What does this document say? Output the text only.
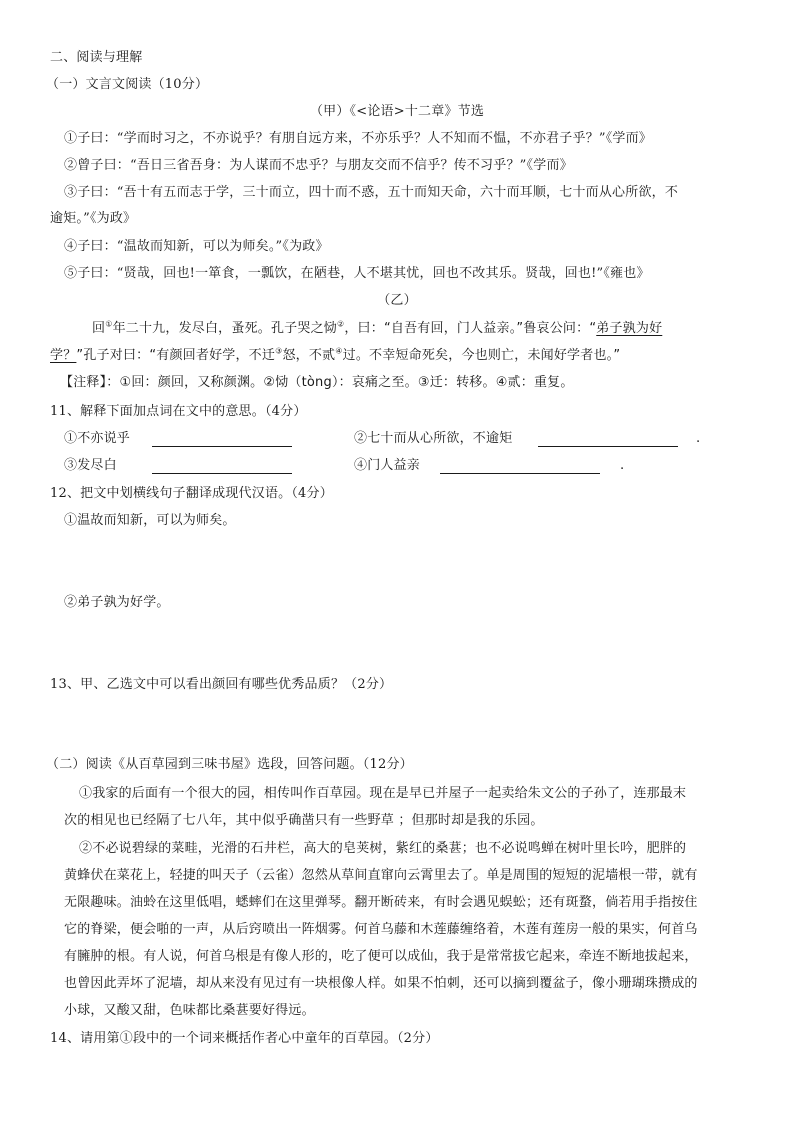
二、阅读与理解
（一）文言文阅读（10分）
（甲）《<论语>十二章》节选
①子曰：“学而时习之，不亦说乎？有朋自远方来，不亦乐乎？人不知而不愠，不亦君子乎？”《学而》
②曾子曰：“吾日三省吾身：为人谋而不忠乎？与朋友交而不信乎？传不习乎？”《学而》
③子曰：“吾十有五而志于学，三十而立，四十而不惑，五十而知天命，六十而耳顺，七十而从心所欲，不
逾矩。”《为政》
④子曰：“温故而知新，可以为师矣。”《为政》
⑤子曰：“贤哉，回也!一箪食，一瓢饮，在陋巷，人不堪其忧，回也不改其乐。贤哉，回也!”《雍也》
（乙）
回①年二十九，发尽白，蚤死。孔子哭之恸②，曰：“自吾有回，门人益亲。”鲁哀公问：“弟子孰为好
学？”孔子对曰：“有颜回者好学，不迁③怒，不贰④过。不幸短命死矣，今也则亡，未闻好学者也。”
【注释】：①回：颜回，又称颜渊。②恸（tòng）：哀痛之至。③迁：转移。④贰：重复。
11、解释下面加点词在文中的意思。（4分）
①不亦说乎	②七十而从心所欲，不逾矩	.
③发尽白	④门人益亲	.
12、把文中划横线句子翻译成现代汉语。（4分）
①温故而知新，可以为师矣。
②弟子孰为好学。
13、甲、乙选文中可以看出颜回有哪些优秀品质？（2分）
（二）阅读《从百草园到三味书屋》选段，回答问题。（12分）
①我家的后面有一个很大的园，相传叫作百草园。现在是早已并屋子一起卖给朱文公的子孙了，连那最末
次的相见也已经隔了七八年，其中似乎确凿只有一些野草 ；但那时却是我的乐园。
②不必说碧绿的菜畦，光滑的石井栏，高大的皂荚树，紫红的桑葚；也不必说鸣蝉在树叶里长吟，肥胖的
黄蜂伏在菜花上，轻捷的叫天子（云雀）忽然从草间直窜向云霄里去了。单是周围的短短的泥墙根一带，就有
无限趣味。油蛉在这里低唱，蟋蟀们在这里弹琴。翻开断砖来，有时会遇见蜈蚣；还有斑蝥，倘若用手指按住
它的脊梁，便会啪的一声，从后窍喷出一阵烟雾。何首乌藤和木莲藤缠络着，木莲有莲房一般的果实，何首乌
有臃肿的根。有人说，何首乌根是有像人形的，吃了便可以成仙，我于是常常拔它起来，牵连不断地拔起来，
也曾因此弄坏了泥墙，却从来没有见过有一块根像人样。如果不怕刺，还可以摘到覆盆子，像小珊瑚珠攒成的
小球，又酸又甜，色味都比桑葚要好得远。
14、请用第①段中的一个词来概括作者心中童年的百草园。（2分）
